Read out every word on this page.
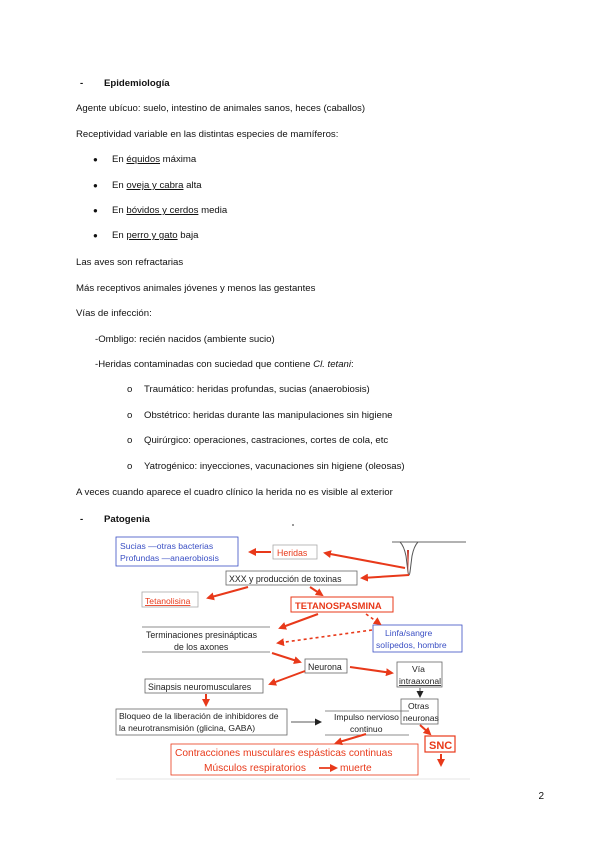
- Epidemiología
Agente ubícuo: suelo, intestino de animales sanos, heces (caballos)
Receptividad variable en las distintas especies de mamíferos:
● En équidos máxima
● En oveja y cabra alta
● En bóvidos y cerdos media
● En perro y gato baja
Las aves son refractarias
Más receptivos animales jóvenes y menos las gestantes
Vías de infección:
-Ombligo: recién nacidos (ambiente sucio)
-Heridas contaminadas con suciedad que contiene Cl. tetani:
o Traumático: heridas profundas, sucias (anaerobiosis)
o Obstétrico: heridas durante las manipulaciones sin higiene
o Quirúrgico: operaciones, castraciones, cortes de cola, etc
o Yatrogénico: inyecciones, vacunaciones sin higiene (oleosas)
A veces cuando aparece el cuadro clínico la herida no es visible al exterior
- Patogenia
Sucias —otras bacterias
Profundas —anaerobiosis	Heridas
XXX y producción de toxinas
Tetanolisina	TETANOSPASMINA
Linfa/sangre
solípedos, hombre
Terminaciones presinápticas
de los axones
Neurona	Vía
intraaxonal
Sinapsis neuromusculares
Otras
neuronas
Bloqueo de la liberación de inhibidores de
la neurotransmisión (glicina, GABA)
Impulso nervioso
continuo
SNC
Contracciones musculares espásticas continuas
Músculos respiratorios	muerte
2
